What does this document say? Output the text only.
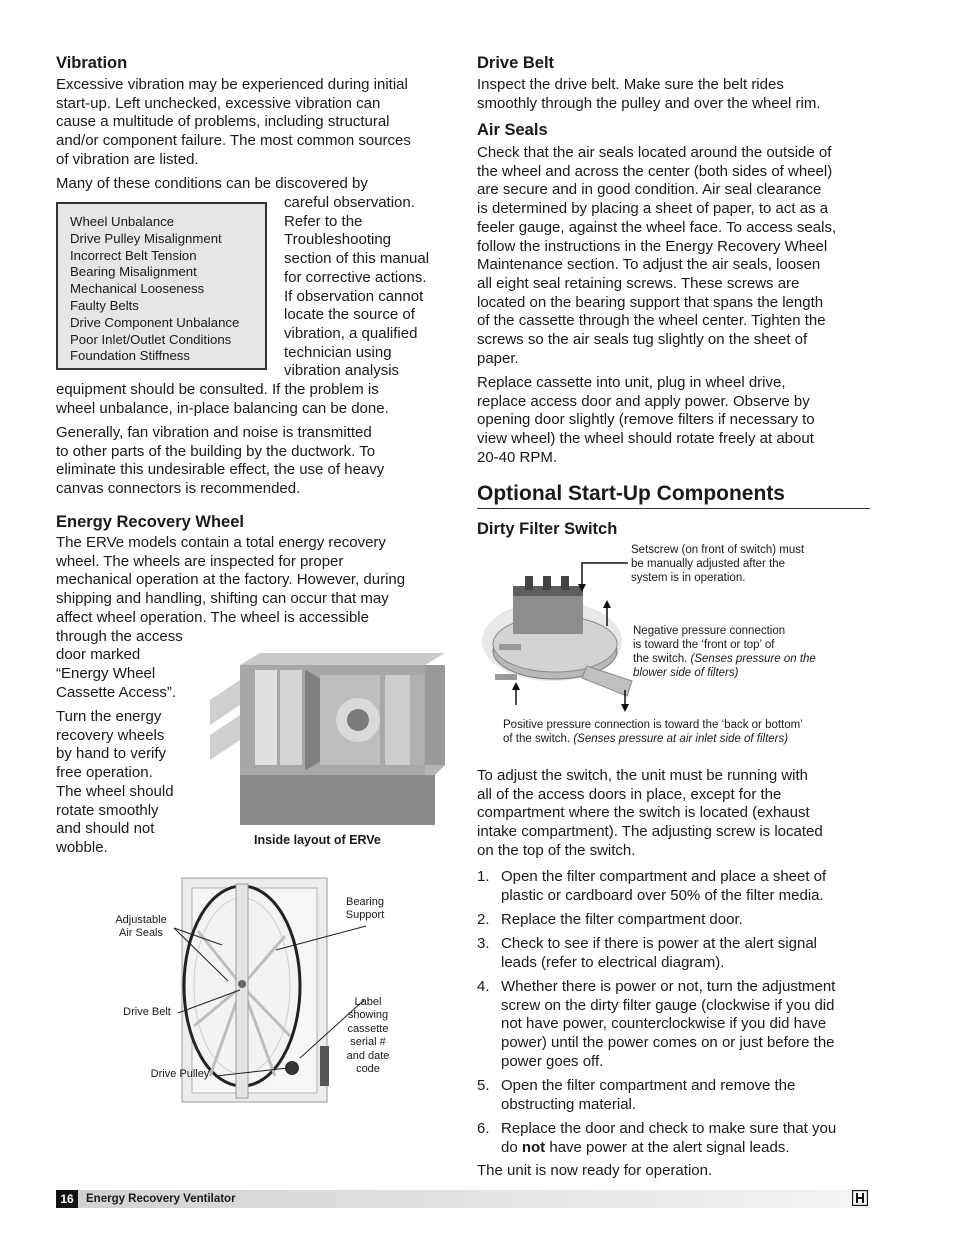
Vibration
Excessive vibration may be experienced during initial
start-up. Left unchecked, excessive vibration can
cause a multitude of problems, including structural
and/or component failure. The most common sources
of vibration are listed.
Many of these conditions can be discovered by
Wheel Unbalance
Drive Pulley Misalignment
Incorrect Belt Tension
Bearing Misalignment
Mechanical Looseness
Faulty Belts
Drive Component Unbalance
Poor Inlet/Outlet Conditions
Foundation Stiffness
careful observation.
Refer to the
Troubleshooting
section of this manual
for corrective actions.
If observation cannot
locate the source of
vibration, a qualified
technician using
vibration analysis
equipment should be consulted. If the problem is
wheel unbalance, in-place balancing can be done.
Generally, fan vibration and noise is transmitted
to other parts of the building by the ductwork. To
eliminate this undesirable effect, the use of heavy
canvas connectors is recommended.
Energy Recovery Wheel
The ERVe models contain a total energy recovery
wheel. The wheels are inspected for proper
mechanical operation at the factory. However, during
shipping and handling, shifting can occur that may
affect wheel operation. The wheel is accessible
through the access
door marked
“Energy Wheel
Cassette Access”.
Turn the energy
recovery wheels
by hand to verify
free operation.
The wheel should
rotate smoothly
and should not
wobble.	Inside layout of ERVe
Adjustable
Air Seals
Bearing
Support
Drive Belt
Label
showing
cassette
serial #
and date
code
Drive Pulley
Drive Belt
Inspect the drive belt. Make sure the belt rides
smoothly through the pulley and over the wheel rim.
Air Seals
Check that the air seals located around the outside of
the wheel and across the center (both sides of wheel)
are secure and in good condition. Air seal clearance
is determined by placing a sheet of paper, to act as a
feeler gauge, against the wheel face. To access seals,
follow the instructions in the Energy Recovery Wheel
Maintenance section. To adjust the air seals, loosen
all eight seal retaining screws. These screws are
located on the bearing support that spans the length
of the cassette through the wheel center. Tighten the
screws so the air seals tug slightly on the sheet of
paper.
Replace cassette into unit, plug in wheel drive,
replace access door and apply power. Observe by
opening door slightly (remove filters if necessary to
view wheel) the wheel should rotate freely at about
20-40 RPM.
Optional Start-Up Components
Dirty Filter Switch
Setscrew (on front of switch) must
be manually adjusted after the
system is in operation.
Negative pressure connection
is toward the ‘front or top’ of
the switch. (Senses pressure on the
blower side of filters)
Positive pressure connection is toward the ‘back or bottom’
of the switch. (Senses pressure at air inlet side of filters)
To adjust the switch, the unit must be running with
all of the access doors in place, except for the
compartment where the switch is located (exhaust
intake compartment). The adjusting screw is located
on the top of the switch.
1. Open the filter compartment and place a sheet of
plastic or cardboard over 50% of the filter media.
2. Replace the filter compartment door.
3. Check to see if there is power at the alert signal
leads (refer to electrical diagram).
4. Whether there is power or not, turn the adjustment
screw on the dirty filter gauge (clockwise if you did
not have power, counterclockwise if you did have
power) until the power comes on or just before the
power goes off.
5. Open the filter compartment and remove the
obstructing material.
6. Replace the door and check to make sure that you
do not have power at the alert signal leads.
The unit is now ready for operation.
16	Energy Recovery Ventilator
